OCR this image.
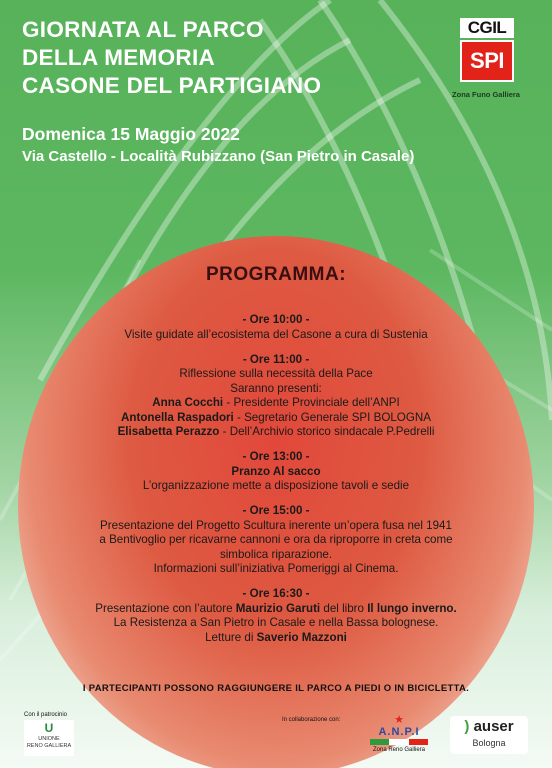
GIORNATA AL PARCO
DELLA MEMORIA
CASONE DEL PARTIGIANO
Domenica 15 Maggio 2022
Via Castello - Località Rubizzano (San Pietro in Casale)
CGIL
SPI
Zona Funo Galliera
PROGRAMMA:
- Ore 10:00 -
Visite guidate all’ecosistema del Casone a cura di Sustenia
- Ore 11:00 -
Riflessione sulla necessità della Pace
Saranno presenti:
Anna Cocchi - Presidente Provinciale dell’ANPI
Antonella Raspadori - Segretario Generale SPI BOLOGNA
Elisabetta Perazzo - Dell’Archivio storico sindacale P.Pedrelli
- Ore 13:00 -
Pranzo Al sacco
L’organizzazione mette a disposizione tavoli e sedie
- Ore 15:00 -
Presentazione del Progetto Scultura inerente un’opera fusa nel 1941
a Bentivoglio per ricavarne cannoni e ora da riproporre in creta come
simbolica riparazione.
Informazioni sull’iniziativa Pomeriggi al Cinema.
- Ore 16:30 -
Presentazione con l’autore Maurizio Garuti del libro Il lungo inverno.
La Resistenza a San Pietro in Casale e nella Bassa bolognese.
Letture di Saverio Mazzoni
I PARTECIPANTI POSSONO RAGGIUNGERE IL PARCO A PIEDI O IN BICICLETTA.
Con il patrocinio
U
UNIONE
RENO GALLIERA
In collaborazione con:	★
A.N.P.I
Zona Reno Galliera
) auser
Bologna
